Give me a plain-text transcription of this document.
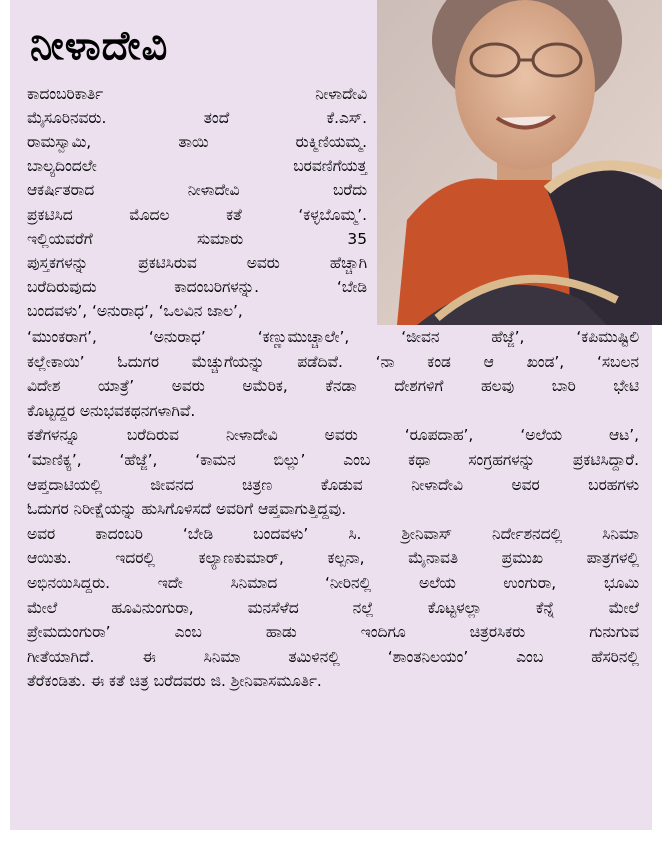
ನೀಳಾದೇವಿ
ಕಾದಂಬರಿಕಾರ್ತಿ ನೀಳಾದೇವಿ
ಮೈಸೂರಿನವರು. ತಂದೆ ಕೆ.ಎಸ್.
ರಾಮಸ್ವಾಮಿ, ತಾಯಿ ರುಕ್ಮಿಣಿಯಮ್ಮ.
ಬಾಲ್ಯದಿಂದಲೇ ಬರವಣಿಗೆಯತ್ತ
ಆಕರ್ಷಿತರಾದ ನೀಳಾದೇವಿ ಬರೆದು
ಪ್ರಕಟಿಸಿದ ಮೊದಲ ಕತೆ ‘ಕಳ್ಳಬೊಮ್ಮ’.
ಇಲ್ಲಿಯವರೆಗೆ ಸುಮಾರು 35
ಪುಸ್ತಕಗಳನ್ನು ಪ್ರಕಟಿಸಿರುವ ಅವರು ಹೆಚ್ಚಾಗಿ
ಬರೆದಿರುವುದು ಕಾದಂಬರಿಗಳನ್ನು. ‘ಬೇಡಿ
ಬಂದವಳು’, ‘ಅನುರಾಧ’, ‘ಒಲವಿನ ಜಾಲ’,
‘ಮುಂಕರಾಗ’, ‘ಅನುರಾಧ’ ‘ಕಣ್ಣುಮುಚ್ಚಾಲೇ’, ‘ಜೀವನ ಹೆಜ್ಜೆ’, ‘ಕಪಿಮುಷ್ಟಿಲಿ
ಕಲ್ಲೇಕಾಯಿ’ ಓದುಗರ ಮೆಚ್ಚುಗೆಯನ್ನು ಪಡೆದಿವೆ. ‘ನಾ ಕಂಡ ಆ ಖಂಡ’, ‘ಸಬಲನ
ವಿದೇಶ ಯಾತ್ರೆ’ ಅವರು ಅಮೆರಿಕ, ಕೆನಡಾ ದೇಶಗಳಿಗೆ ಹಲವು ಬಾರಿ ಭೇಟಿ
ಕೊಟ್ಟದ್ದರ ಅನುಭವಕಥನಗಳಾಗಿವೆ.
ಕತೆಗಳನ್ನೂ ಬರೆದಿರುವ ನೀಳಾದೇವಿ ಅವರು ‘ರೂಪದಾಹ’, ‘ಅಲೆಯ ಆಟ’,
‘ಮಾಣಿಕ್ಯ’, ‘ಹೆಜ್ಜೆ’, ‘ಕಾಮನ ಬಿಲ್ಲು’ ಎಂಬ ಕಥಾ ಸಂಗ್ರಹಗಳನ್ನು ಪ್ರಕಟಿಸಿದ್ದಾರೆ.
ಆಪ್ತದಾಟಿಯಲ್ಲಿ ಜೀವನದ ಚಿತ್ರಣ ಕೊಡುವ ನೀಳಾದೇವಿ ಅವರ ಬರಹಗಳು
ಓದುಗರ ನಿರೀಕ್ಷೆಯನ್ನು ಹುಸಿಗೊಳಿಸದೆ ಅವರಿಗೆ ಆಪ್ತವಾಗುತ್ತಿದ್ದವು.
ಅವರ ಕಾದಂಬರಿ ‘ಬೇಡಿ ಬಂದವಳು’ ಸಿ. ಶ್ರೀನಿವಾಸ್ ನಿರ್ದೇಶನದಲ್ಲಿ ಸಿನಿಮಾ
ಆಯಿತು. ಇದರಲ್ಲಿ ಕಲ್ಯಾಣಕುಮಾರ್, ಕಲ್ಪನಾ, ಮೈನಾವತಿ ಪ್ರಮುಖ ಪಾತ್ರಗಳಲ್ಲಿ
ಅಭಿನಯಿಸಿದ್ದರು. ಇದೇ ಸಿನಿಮಾದ ‘ನೀರಿನಲ್ಲಿ ಅಲೆಯ ಉಂಗುರಾ, ಭೂಮಿ
ಮೇಲೆ ಹೂವಿನುಂಗುರಾ, ಮನಸೆಳೆದ ನಲ್ಲೆ ಕೊಟ್ಟಳಲ್ಲಾ ಕೆನ್ನೆ ಮೇಲೆ
ಪ್ರೇಮದುಂಗುರಾ’ ಎಂಬ ಹಾಡು ಇಂದಿಗೂ ಚಿತ್ರರಸಿಕರು ಗುನುಗುವ
ಗೀತೆಯಾಗಿದೆ. ಈ ಸಿನಿಮಾ ತಮಿಳಿನಲ್ಲಿ ‘ಶಾಂತನಿಲಯಂ’ ಎಂಬ ಹೆಸರಿನಲ್ಲಿ
ತೆರೆಕಂಡಿತು. ಈ ಕತೆ ಚಿತ್ರ ಬರೆದವರು ಜಿ. ಶ್ರೀನಿವಾಸಮೂರ್ತಿ.
